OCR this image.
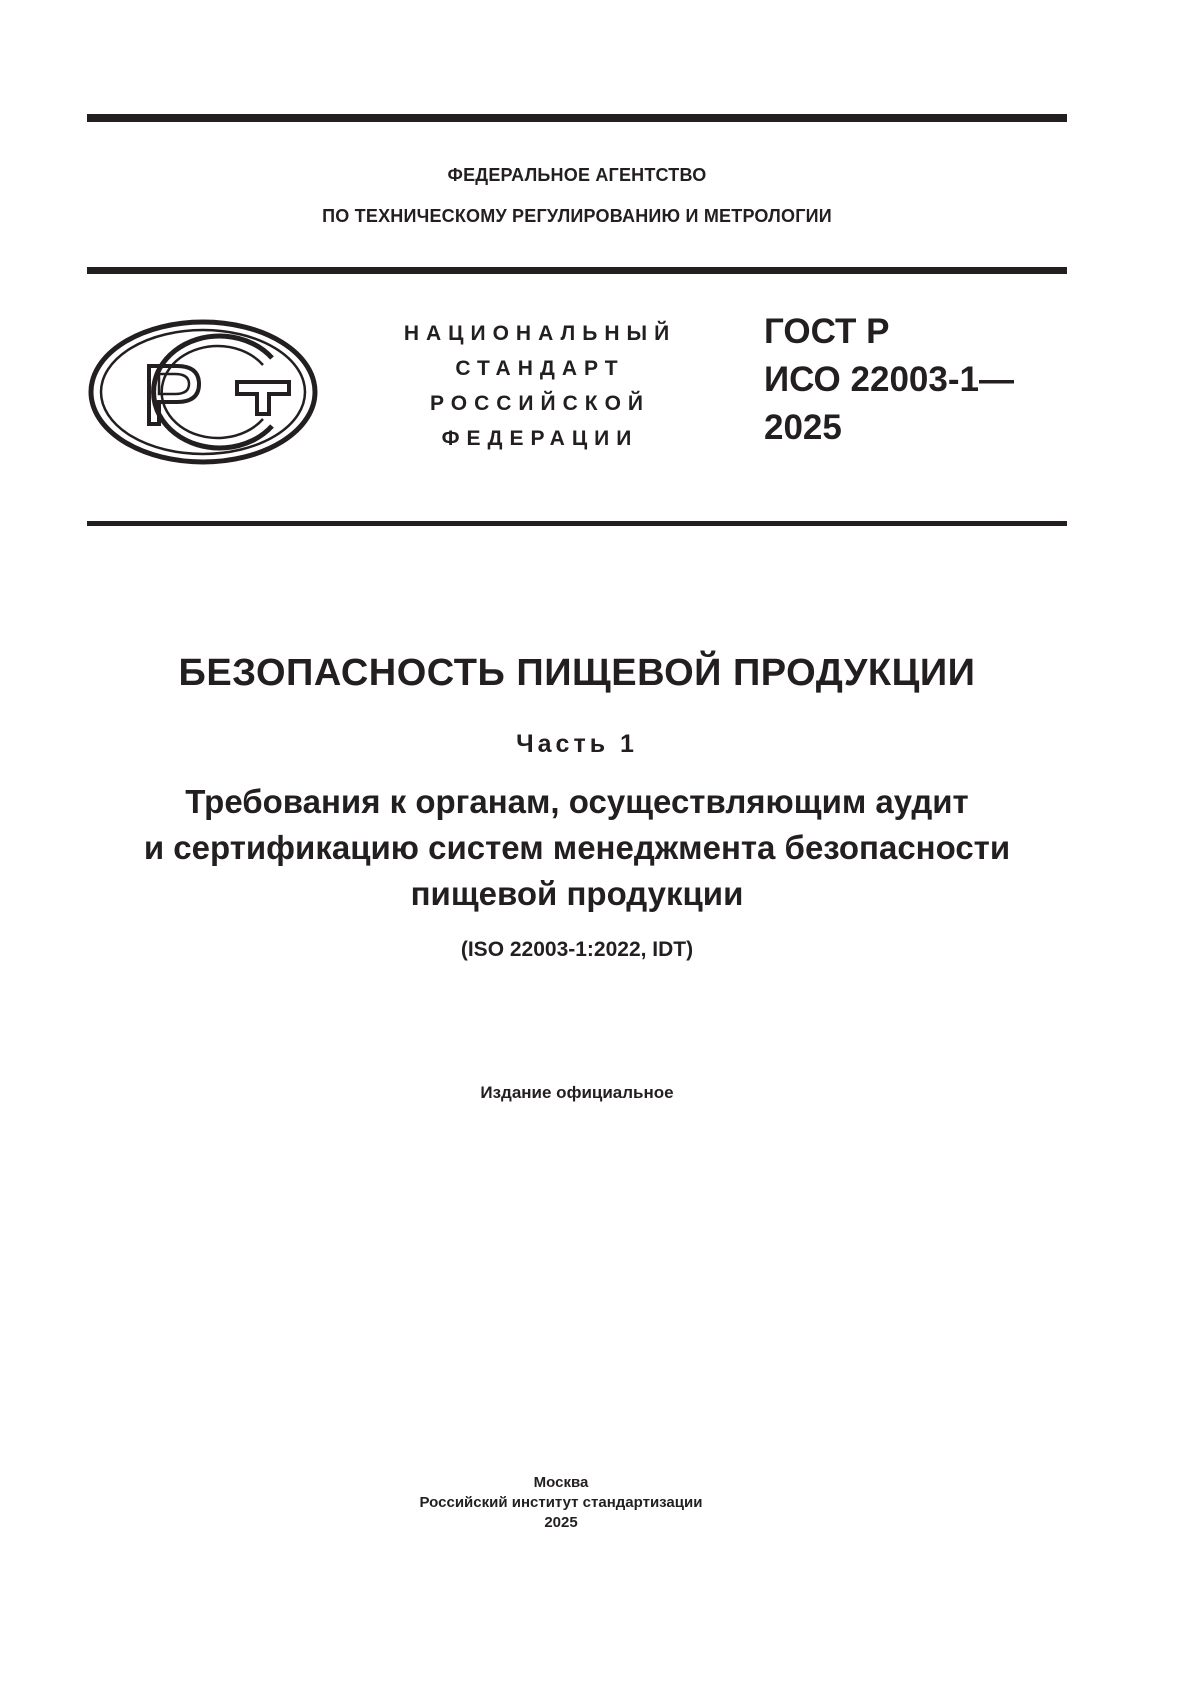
ФЕДЕРАЛЬНОЕ АГЕНТСТВО
ПО ТЕХНИЧЕСКОМУ РЕГУЛИРОВАНИЮ И МЕТРОЛОГИИ
НАЦИОНАЛЬНЫЙ
СТАНДАРТ
РОССИЙСКОЙ
ФЕДЕРАЦИИ
ГОСТ Р
ИСО 22003-1—
2025
БЕЗОПАСНОСТЬ ПИЩЕВОЙ ПРОДУКЦИИ
Часть 1
Требования к органам, осуществляющим аудит
и сертификацию систем менеджмента безопасности
пищевой продукции
(ISO 22003-1:2022, IDT)
Издание официальное
Москва
Российский институт стандартизации
2025
